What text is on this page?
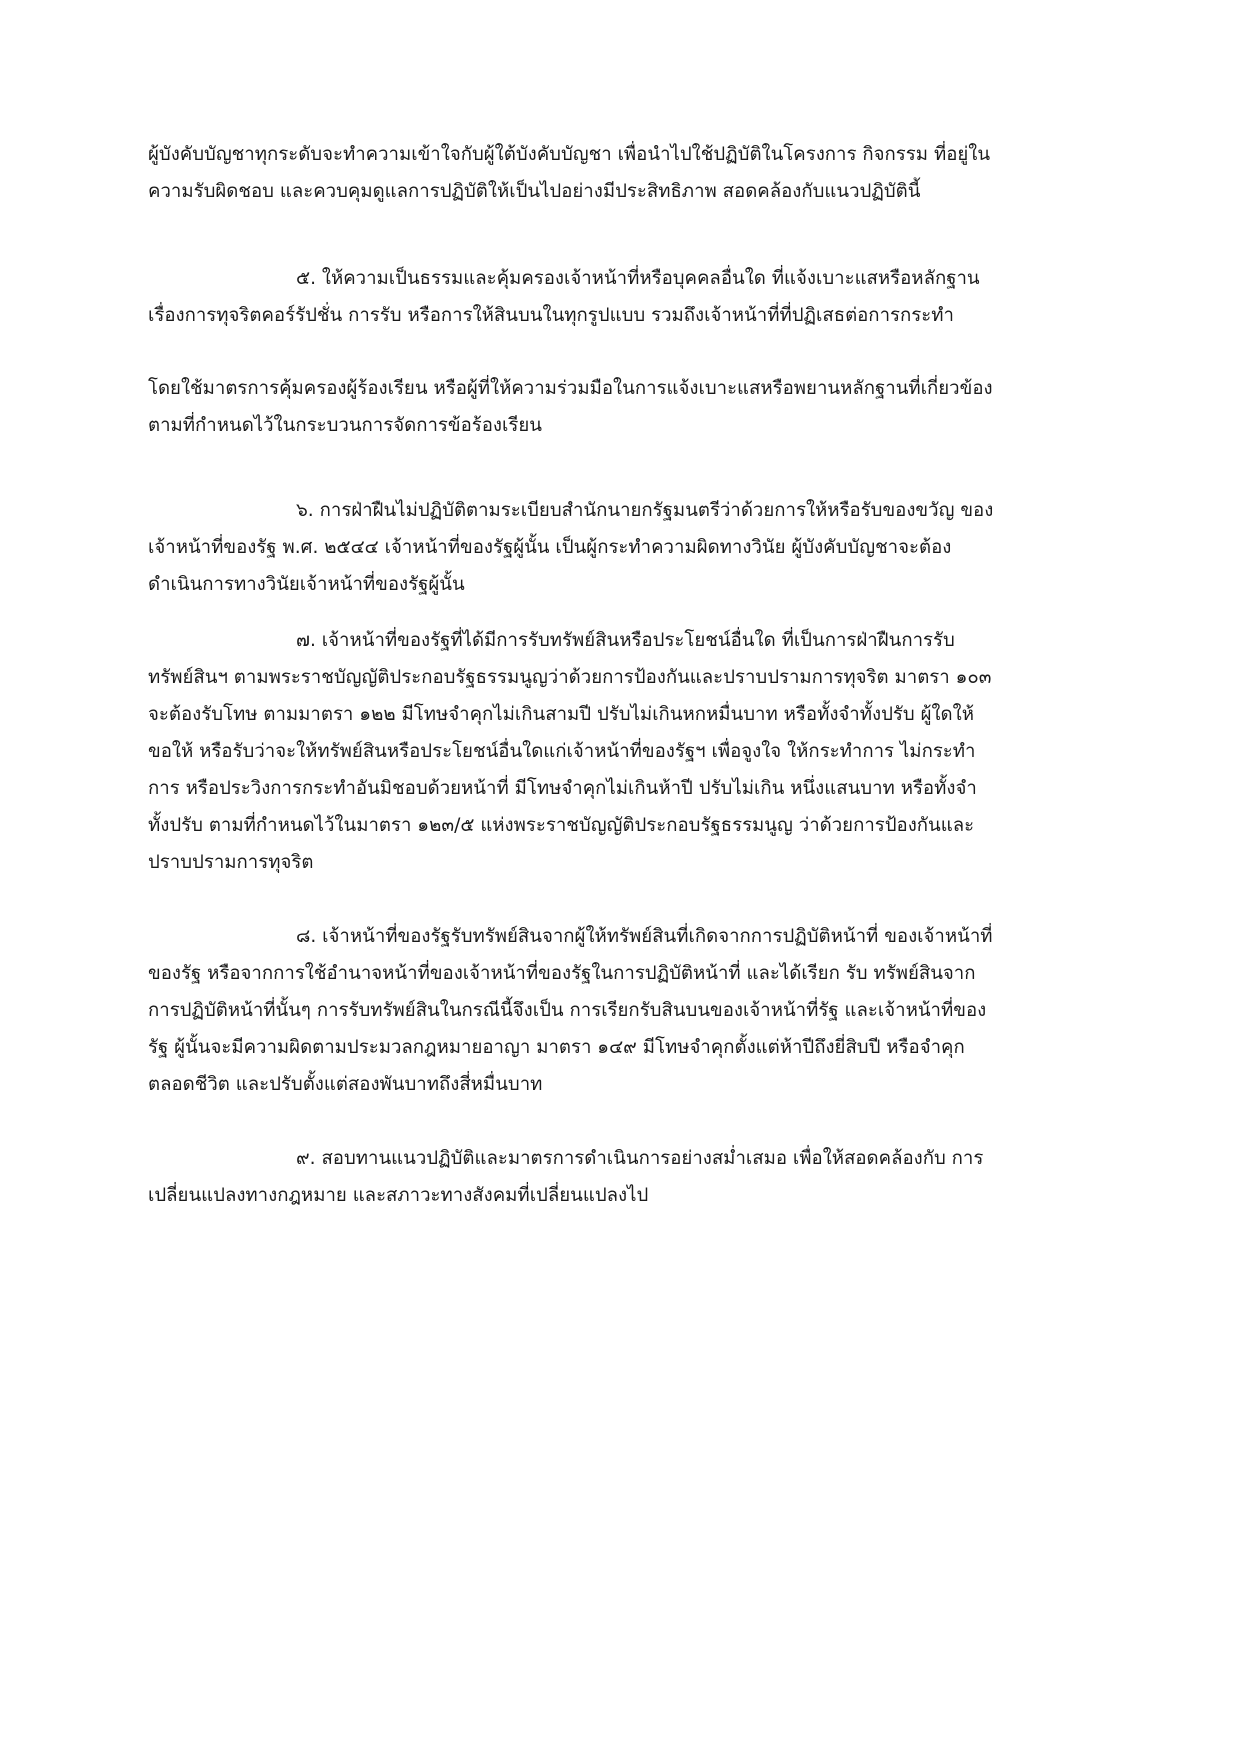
ผู้บังคับบัญชาทุกระดับจะทำความเข้าใจกับผู้ใต้บังคับบัญชา เพื่อนำไปใช้ปฏิบัติในโครงการ กิจกรรม ที่อยู่ใน

ความรับผิดชอบ และควบคุมดูแลการปฏิบัติให้เป็นไปอย่างมีประสิทธิภาพ สอดคล้องกับแนวปฏิบัตินี้

๕. ให้ความเป็นธรรมและคุ้มครองเจ้าหน้าที่หรือบุคคลอื่นใด ที่แจ้งเบาะแสหรือหลักฐาน

เรื่องการทุจริตคอร์รัปชั่น การรับ หรือการให้สินบนในทุกรูปแบบ รวมถึงเจ้าหน้าที่ที่ปฏิเสธต่อการกระทำ

โดยใช้มาตรการคุ้มครองผู้ร้องเรียน หรือผู้ที่ให้ความร่วมมือในการแจ้งเบาะแสหรือพยานหลักฐานที่เกี่ยวข้อง

ตามที่กำหนดไว้ในกระบวนการจัดการข้อร้องเรียน

๖. การฝ่าฝืนไม่ปฏิบัติตามระเบียบสำนักนายกรัฐมนตรีว่าด้วยการให้หรือรับของขวัญ ของ

เจ้าหน้าที่ของรัฐ พ.ศ. ๒๕๔๔ เจ้าหน้าที่ของรัฐผู้นั้น เป็นผู้กระทำความผิดทางวินัย ผู้บังคับบัญชาจะต้อง

ดำเนินการทางวินัยเจ้าหน้าที่ของรัฐผู้นั้น

๗. เจ้าหน้าที่ของรัฐที่ได้มีการรับทรัพย์สินหรือประโยชน์อื่นใด ที่เป็นการฝ่าฝืนการรับ

ทรัพย์สินฯ ตามพระราชบัญญัติประกอบรัฐธรรมนูญว่าด้วยการป้องกันและปราบปรามการทุจริต มาตรา ๑๐๓

จะต้องรับโทษ ตามมาตรา ๑๒๒ มีโทษจำคุกไม่เกินสามปี ปรับไม่เกินหกหมื่นบาท หรือทั้งจำทั้งปรับ ผู้ใดให้

ขอให้ หรือรับว่าจะให้ทรัพย์สินหรือประโยชน์อื่นใดแก่เจ้าหน้าที่ของรัฐฯ เพื่อจูงใจ ให้กระทำการ ไม่กระทำ

การ หรือประวิงการกระทำอันมิชอบด้วยหน้าที่ มีโทษจำคุกไม่เกินห้าปี ปรับไม่เกิน หนึ่งแสนบาท หรือทั้งจำ

ทั้งปรับ ตามที่กำหนดไว้ในมาตรา ๑๒๓/๕ แห่งพระราชบัญญัติประกอบรัฐธรรมนูญ ว่าด้วยการป้องกันและ

ปราบปรามการทุจริต

๘. เจ้าหน้าที่ของรัฐรับทรัพย์สินจากผู้ให้ทรัพย์สินที่เกิดจากการปฏิบัติหน้าที่ ของเจ้าหน้าที่

ของรัฐ หรือจากการใช้อำนาจหน้าที่ของเจ้าหน้าที่ของรัฐในการปฏิบัติหน้าที่ และได้เรียก รับ ทรัพย์สินจาก

การปฏิบัติหน้าที่นั้นๆ การรับทรัพย์สินในกรณีนี้จึงเป็น การเรียกรับสินบนของเจ้าหน้าที่รัฐ และเจ้าหน้าที่ของ

รัฐ ผู้นั้นจะมีความผิดตามประมวลกฎหมายอาญา มาตรา ๑๔๙ มีโทษจำคุกตั้งแต่ห้าปีถึงยี่สิบปี หรือจำคุก

ตลอดชีวิต และปรับตั้งแต่สองพันบาทถึงสี่หมื่นบาท

๙. สอบทานแนวปฏิบัติและมาตรการดำเนินการอย่างสม่ำเสมอ เพื่อให้สอดคล้องกับ การ

เปลี่ยนแปลงทางกฎหมาย และสภาวะทางสังคมที่เปลี่ยนแปลงไป
